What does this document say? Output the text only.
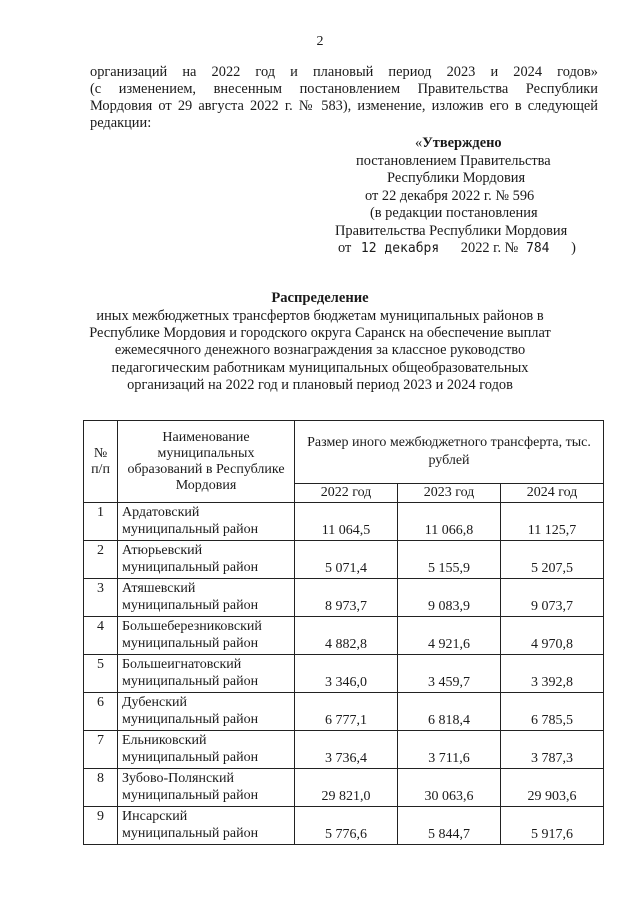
2
организаций на 2022 год и плановый период 2023 и 2024 годов»
(с изменением, внесенным постановлением Правительства Республики
Мордовия от 29 августа 2022 г. № 583), изменение, изложив его в следующей
редакции:
«Утверждено
постановлением Правительства
Республики Мордовия
от 22 декабря 2022 г. № 596
(в редакции постановления
Правительства Республики Мордовия
от 12 декабря 2022 г. № 784 )
Распределение
иных межбюджетных трансфертов бюджетам муниципальных районов в
Республике Мордовия и городского округа Саранск на обеспечение выплат
ежемесячного денежного вознаграждения за классное руководство
педагогическим работникам муниципальных общеобразовательных
организаций на 2022 год и плановый период 2023 и 2024 годов
№
п/п	Наименование муниципальных образований в Республике Мордовия	Размер иного межбюджетного трансферта, тыс. рублей		
		2022 год	2023 год	2024 год
1	Ардатовский
муниципальный район	11 064,5	11 066,8	11 125,7
2	Атюрьевский
муниципальный район	5 071,4	5 155,9	5 207,5
3	Атяшевский
муниципальный район	8 973,7	9 083,9	9 073,7
4	Большеберезниковский
муниципальный район	4 882,8	4 921,6	4 970,8
5	Большеигнатовский
муниципальный район	3 346,0	3 459,7	3 392,8
6	Дубенский
муниципальный район	6 777,1	6 818,4	6 785,5
7	Ельниковский
муниципальный район	3 736,4	3 711,6	3 787,3
8	Зубово-Полянский
муниципальный район	29 821,0	30 063,6	29 903,6
9	Инсарский
муниципальный район	5 776,6	5 844,7	5 917,6
